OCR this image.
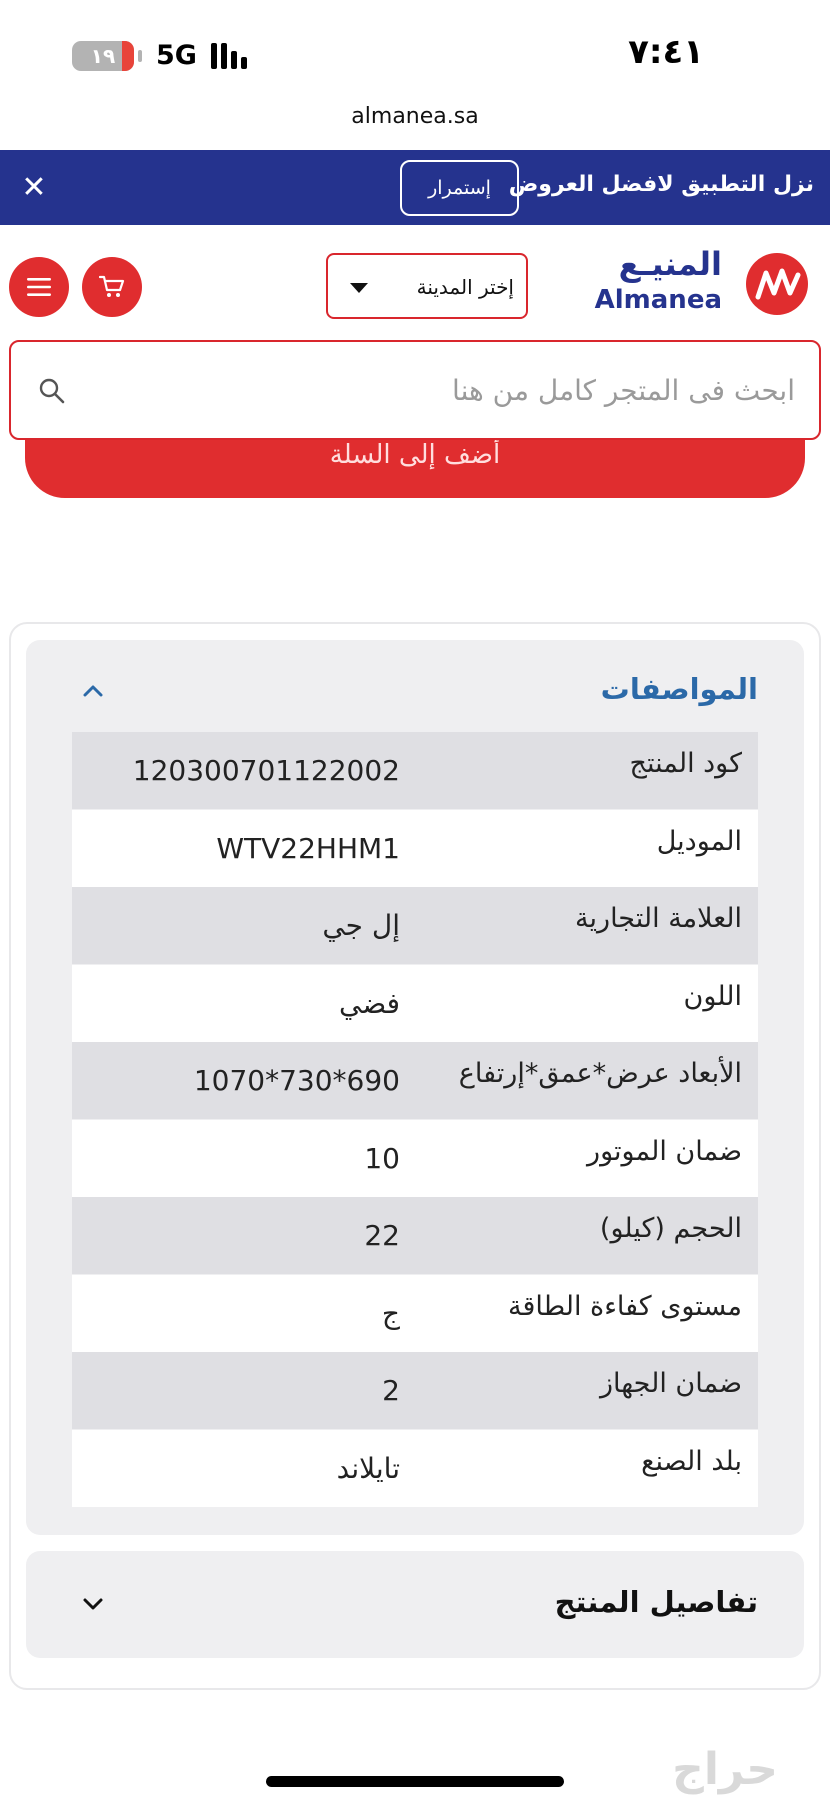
١٩ 5G	٧:٤١
almanea.sa
✕	إستمرار نزل التطبيق لافضل العروض
إختر المدينة
المنيـع
Almanea
أضف إلى السلة
ابحث فى المتجر كامل من هنا
المواصفات
كود المنتج
120300701122002
الموديل
WTV22HHM1
العلامة التجارية
إل جي
اللون
فضي
الأبعاد عرض*عمق*إرتفاع
1070*730*690
ضمان الموتور
10
الحجم (كيلو)
22
مستوى كفاءة الطاقة
ج
ضمان الجهاز
2
بلد الصنع
تايلاند
تفاصيل المنتج
حراج
